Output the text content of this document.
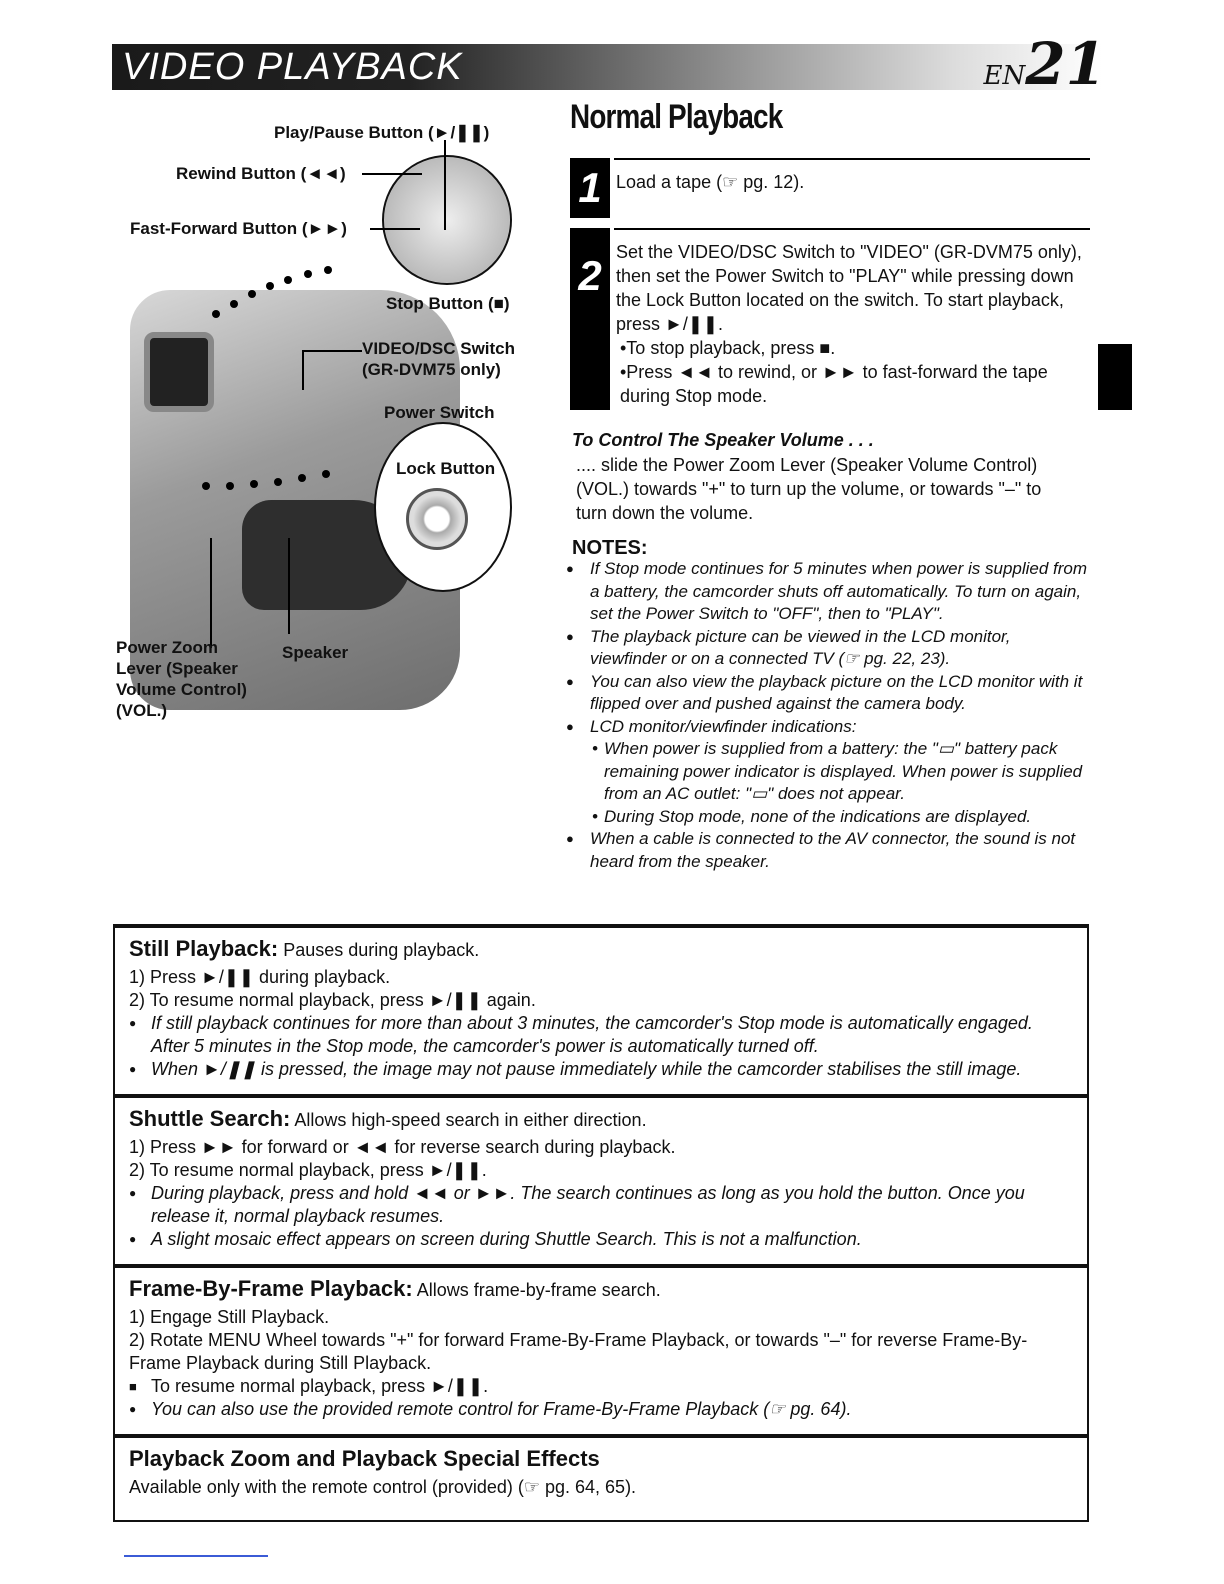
VIDEO PLAYBACK	EN21
Play/Pause Button (►/❚❚)
Rewind Button (◄◄)
Fast-Forward Button (►►)
Stop Button (■)
VIDEO/DSC Switch
(GR-DVM75 only)
Power Switch
Lock Button
Power Zoom
Lever (Speaker
Volume Control)
(VOL.)
Speaker
Normal Playback
1 Load a tape (☞ pg. 12).
2 Set the VIDEO/DSC Switch to "VIDEO" (GR-DVM75 only), then set the Power Switch to "PLAY" while pressing down the Lock Button located on the switch. To start playback, press ►/❚❚.
•To stop playback, press ■.
•Press ◄◄ to rewind, or ►► to fast-forward the tape during Stop mode.
To Control The Speaker Volume . . .
.... slide the Power Zoom Lever (Speaker Volume Control) (VOL.) towards "+" to turn up the volume, or towards "–" to turn down the volume.
NOTES:
● If Stop mode continues for 5 minutes when power is supplied from a battery, the camcorder shuts off automatically. To turn on again, set the Power Switch to "OFF", then to "PLAY".
● The playback picture can be viewed in the LCD monitor, viewfinder or on a connected TV (☞ pg. 22, 23).
● You can also view the playback picture on the LCD monitor with it flipped over and pushed against the camera body.
● LCD monitor/viewfinder indications:
• When power is supplied from a battery: the "▭" battery pack remaining power indicator is displayed. When power is supplied from an AC outlet: "▭" does not appear.
• During Stop mode, none of the indications are displayed.
● When a cable is connected to the AV connector, the sound is not heard from the speaker.
Still Playback: Pauses during playback.
1) Press ►/❚❚ during playback.
2) To resume normal playback, press ►/❚❚ again.
● If still playback continues for more than about 3 minutes, the camcorder's Stop mode is automatically engaged. After 5 minutes in the Stop mode, the camcorder's power is automatically turned off.
● When ►/❚❚ is pressed, the image may not pause immediately while the camcorder stabilises the still image.
Shuttle Search: Allows high-speed search in either direction.
1) Press ►► for forward or ◄◄ for reverse search during playback.
2) To resume normal playback, press ►/❚❚.
● During playback, press and hold ◄◄ or ►►. The search continues as long as you hold the button. Once you release it, normal playback resumes.
● A slight mosaic effect appears on screen during Shuttle Search. This is not a malfunction.
Frame-By-Frame Playback: Allows frame-by-frame search.
1) Engage Still Playback.
2) Rotate MENU Wheel towards "+" for forward Frame-By-Frame Playback, or towards "–" for reverse Frame-By-Frame Playback during Still Playback.
■ To resume normal playback, press ►/❚❚.
● You can also use the provided remote control for Frame-By-Frame Playback (☞ pg. 64).
Playback Zoom and Playback Special Effects
Available only with the remote control (provided) (☞ pg. 64, 65).
